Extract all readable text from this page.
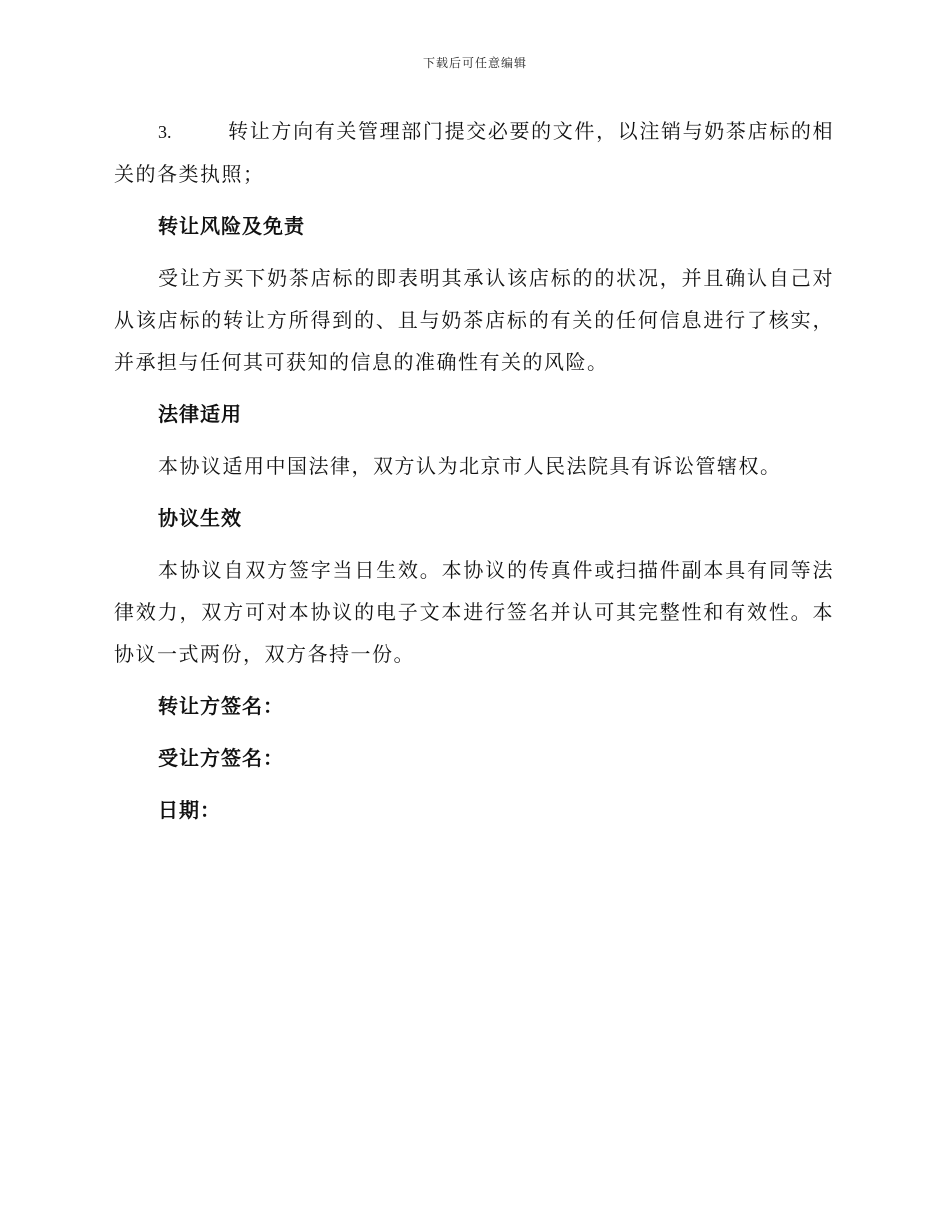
下载后可任意编辑

3.	转让方向有关管理部门提交必要的文件，以注销与奶茶店标的相关的各类执照；

转让风险及免责

受让方买下奶茶店标的即表明其承认该店标的的状况，并且确认自己对从该店标的转让方所得到的、且与奶茶店标的有关的任何信息进行了核实，并承担与任何其可获知的信息的准确性有关的风险。

法律适用

本协议适用中国法律，双方认为北京市人民法院具有诉讼管辖权。

协议生效

本协议自双方签字当日生效。本协议的传真件或扫描件副本具有同等法律效力，双方可对本协议的电子文本进行签名并认可其完整性和有效性。本协议一式两份，双方各持一份。

转让方签名：
受让方签名：
日期：
